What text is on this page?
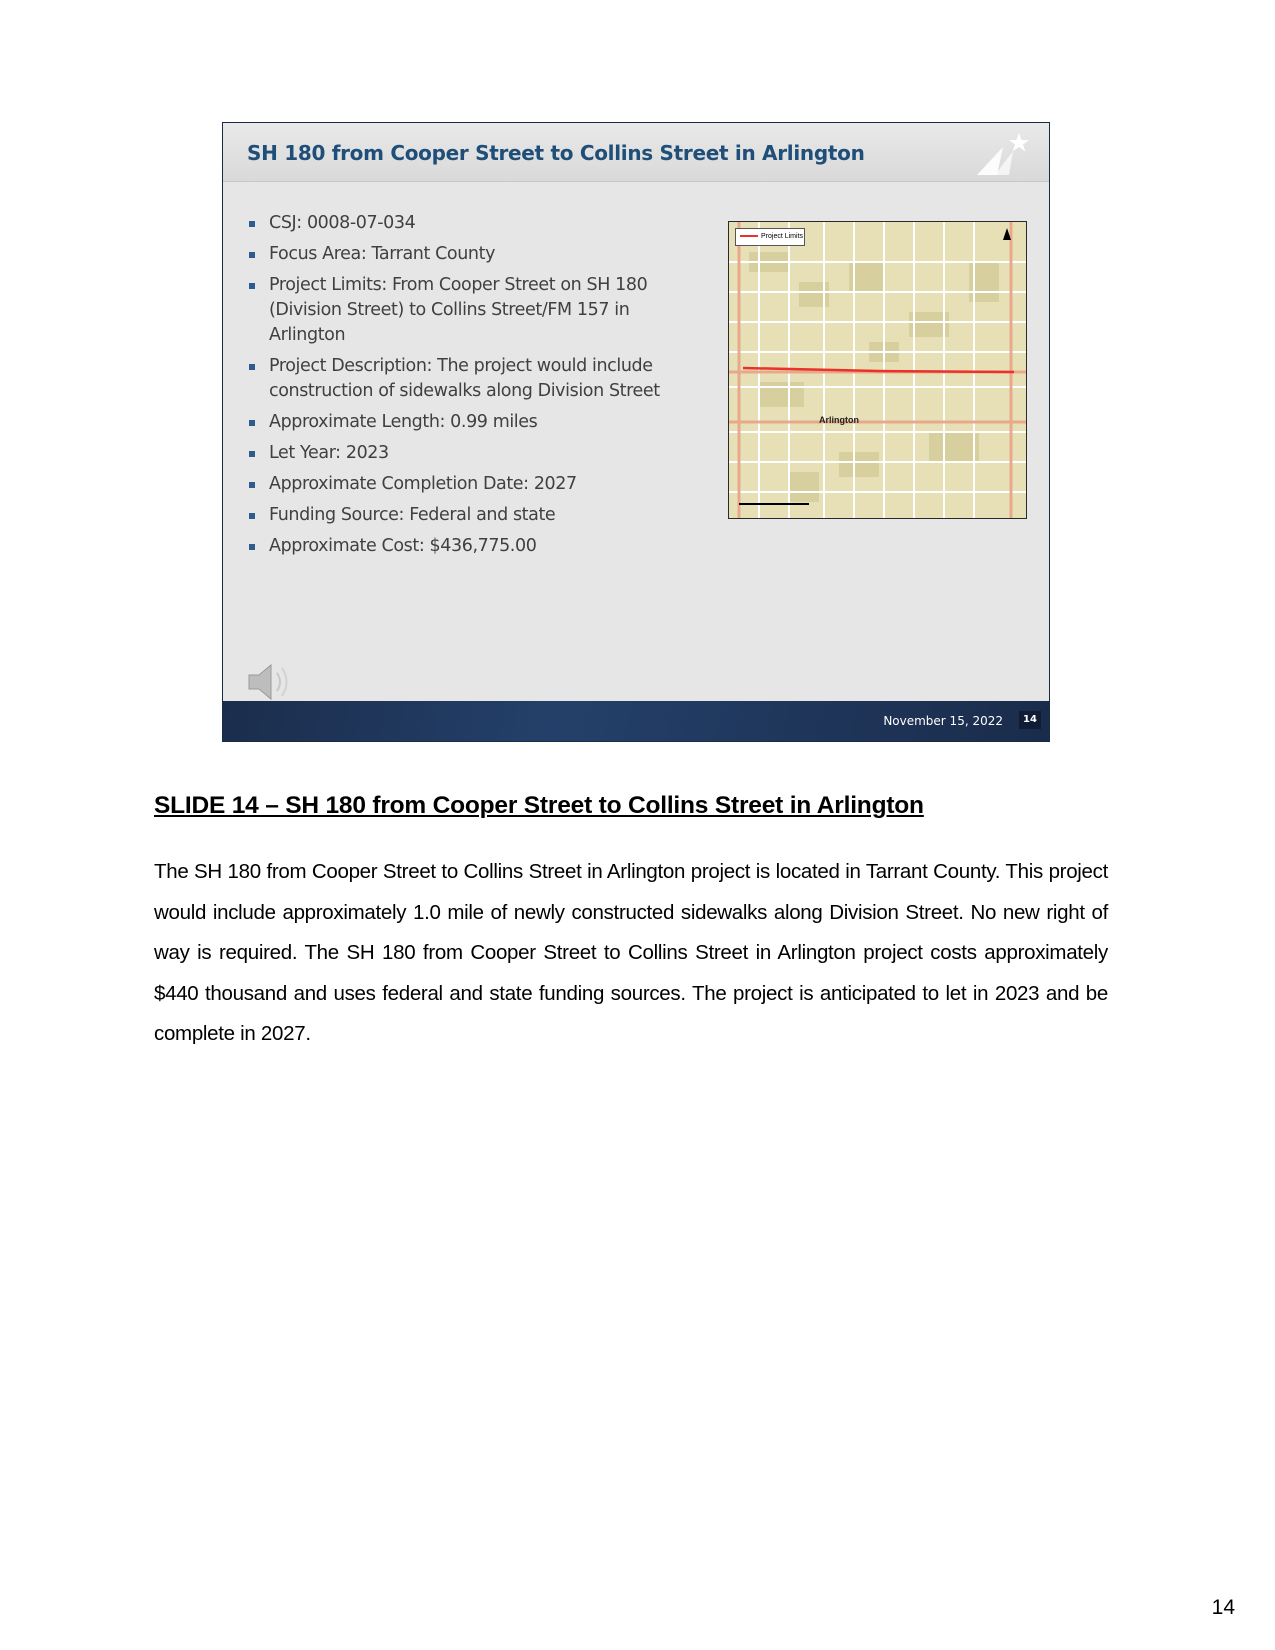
SH 180 from Cooper Street to Collins Street in Arlington
CSJ: 0008-07-034
Focus Area: Tarrant County
Project Limits: From Cooper Street on SH 180 (Division Street) to Collins Street/FM 157 in Arlington
Project Description: The project would include construction of sidewalks along Division Street
Approximate Length: 0.99 miles
Let Year: 2023
Approximate Completion Date: 2027
Funding Source: Federal and state
Approximate Cost: $436,775.00
Project Limits
Arlington
November 15, 2022	14
SLIDE 14 – SH 180 from Cooper Street to Collins Street in Arlington

The SH 180 from Cooper Street to Collins Street in Arlington project is located in Tarrant County. This project would include approximately 1.0 mile of newly constructed sidewalks along Division Street. No new right of way is required. The SH 180 from Cooper Street to Collins Street in Arlington project costs approximately $440 thousand and uses federal and state funding sources. The project is anticipated to let in 2023 and be complete in 2027.

14
